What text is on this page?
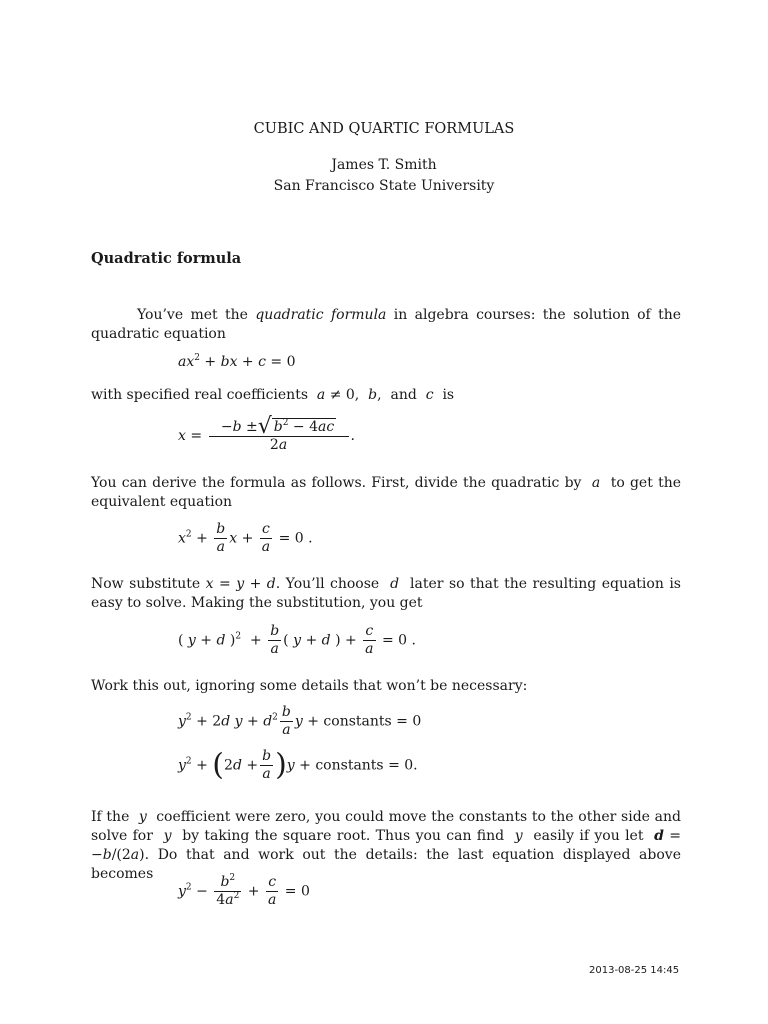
CUBIC AND QUARTIC FORMULAS
James T. Smith
San Francisco State University
Quadratic formula
You’ve met the quadratic formula in algebra courses: the solution of the quadratic equation
$ax^2$ + bx + c = 0
with specified real coefficients a ≠ 0,  b,  and  c is
$x = \frac{-b \pm√ b^2 - 4ac}{2a}$ .
You can derive the formula as follows. First, divide the quadratic by a to get the equivalent equation
$x^2 + \frac{b}{a}$ $x + \frac{c}{a} = 0$ .
Now substitute x = y + d. You’ll choose d later so that the resulting equation is easy to solve. Making the substitution, you get
( y + d )$^2 + \frac{b}{a}$ ( y + d ) + $\frac{c}{a} = 0$ .
Work this out, ignoring some details that won’t be necessary:
$y^2 + 2d$ $y + d^2 \frac{b}{a}$ y + constants = 0
$y^2 + (2d + \frac{b}{a} )y$ + constants = 0.
If the y coefficient were zero, you could move the constants to the other side and solve for y by taking the square root. Thus you can find y easily if you let d = −b/(2a). Do that and work out the details: the last equation displayed above becomes
$y^2 - \frac{b^2}{4a^2} + \frac{c}{a} = 0$
2013-08-25 14:45
